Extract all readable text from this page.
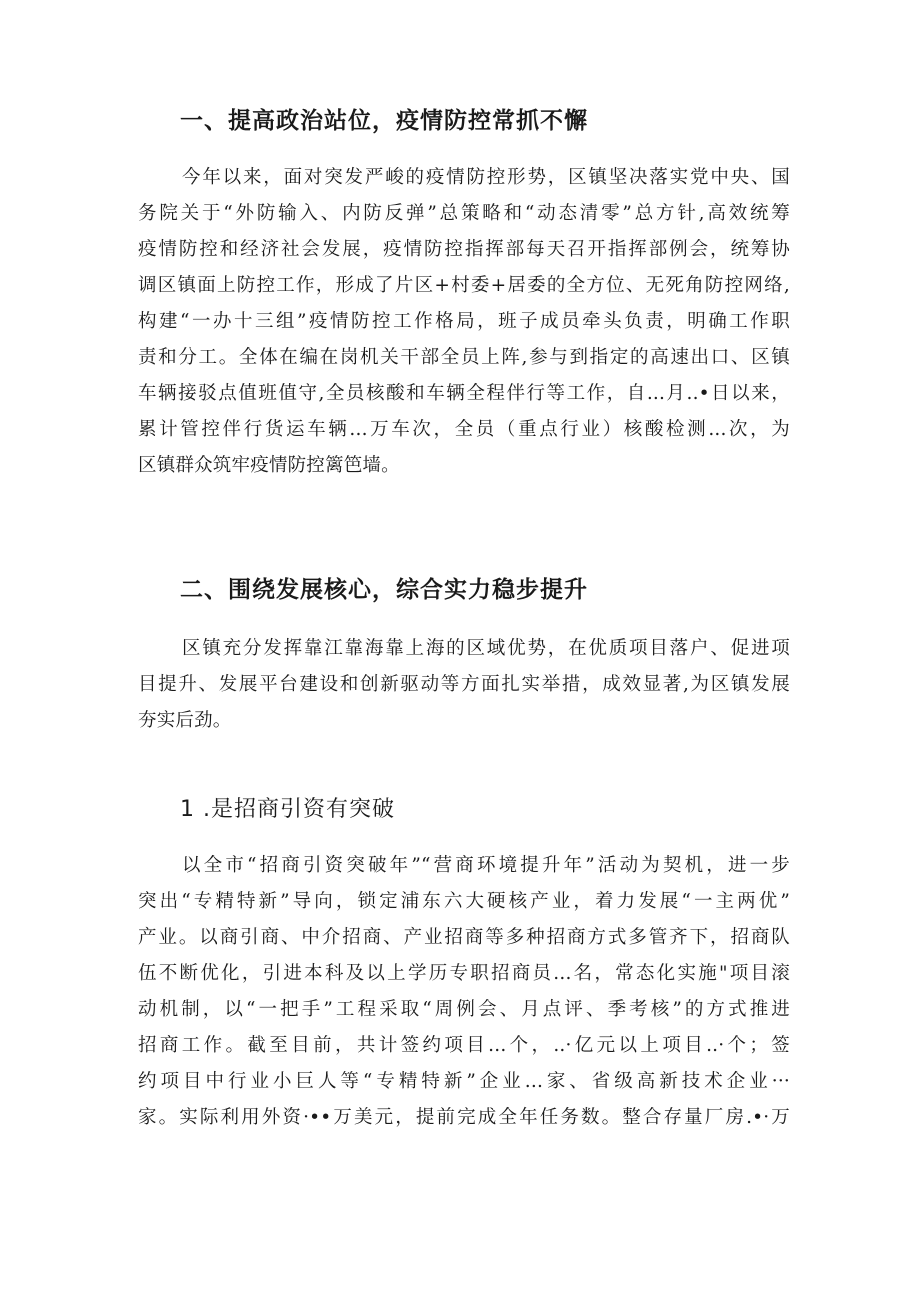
一、提高政治站位，疫情防控常抓不懈
今年以来，面对突发严峻的疫情防控形势，区镇坚决落实党中央、国
务院关于“外防输入、内防反弹”总策略和“动态清零”总方针,高效统筹
疫情防控和经济社会发展，疫情防控指挥部每天召开指挥部例会，统筹协
调区镇面上防控工作，形成了片区+村委+居委的全方位、无死角防控网络,
构建“一办十三组”疫情防控工作格局，班子成员牵头负责，明确工作职
责和分工。全体在编在岗机关干部全员上阵,参与到指定的高速出口、区镇
车辆接驳点值班值守,全员核酸和车辆全程伴行等工作，自...月..•日以来，
累计管控伴行货运车辆...万车次，全员（重点行业）核酸检测...次，为
区镇群众筑牢疫情防控篱笆墙。
二、围绕发展核心，综合实力稳步提升
区镇充分发挥靠江靠海靠上海的区域优势，在优质项目落户、促进项
目提升、发展平台建设和创新驱动等方面扎实举措，成效显著,为区镇发展
夯实后劲。
1 .是招商引资有突破
以全市“招商引资突破年”“营商环境提升年”活动为契机，进一步
突出“专精特新”导向，锁定浦东六大硬核产业，着力发展“一主两优”
产业。以商引商、中介招商、产业招商等多种招商方式多管齐下，招商队
伍不断优化，引进本科及以上学历专职招商员...名，常态化实施"项目滚
动机制，以“一把手”工程采取“周例会、月点评、季考核”的方式推进
招商工作。截至目前，共计签约项目...个，..·亿元以上项目..·个；签
约项目中行业小巨人等“专精特新”企业...家、省级高新技术企业···
家。实际利用外资·••万美元，提前完成全年任务数。整合存量厂房.•·万
